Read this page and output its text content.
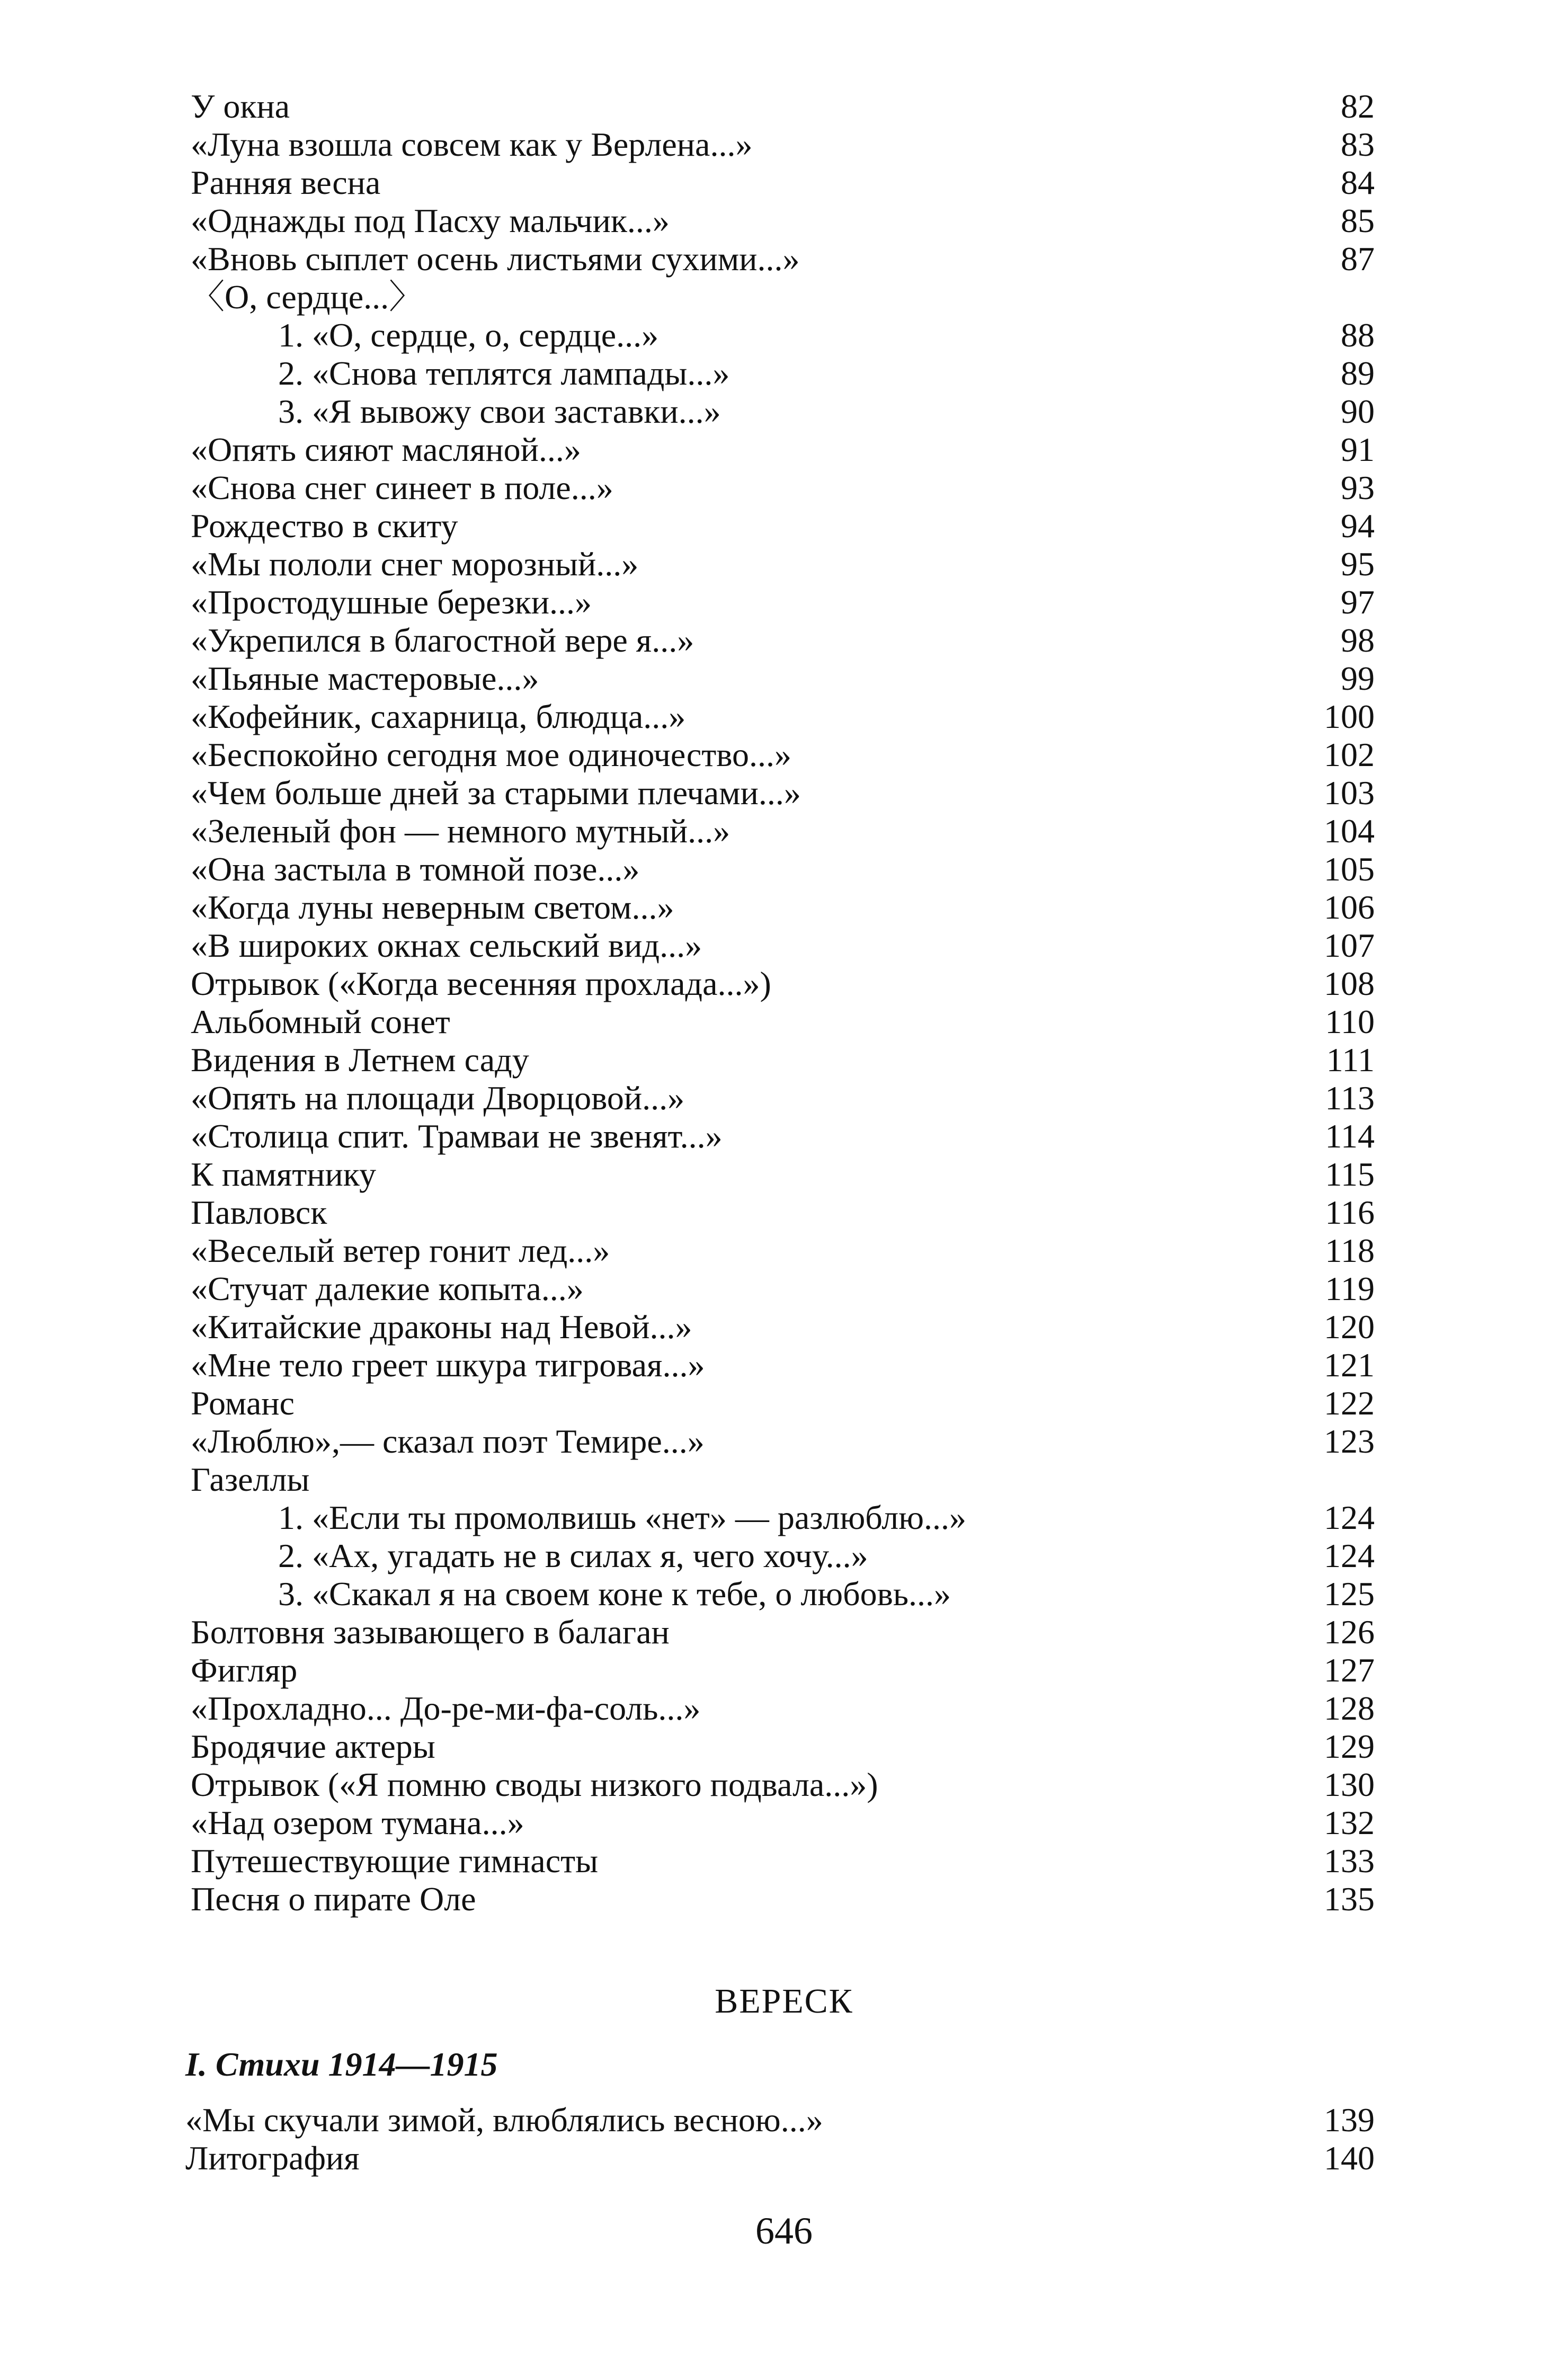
У окна	82
«Луна взошла совсем как у Верлена...»	83
Ранняя весна	84
«Однажды под Пасху мальчик...»	85
«Вновь сыплет осень листьями сухими...»	87
〈О, сердце...〉
1. «О, сердце, о, сердце...»	88
2. «Снова теплятся лампады...»	89
3. «Я вывожу свои заставки...»	90
«Опять сияют масляной...»	91
«Снова снег синеет в поле...»	93
Рождество в скиту	94
«Мы пололи снег морозный...»	95
«Простодушные березки...»	97
«Укрепился в благостной вере я...»	98
«Пьяные мастеровые...»	99
«Кофейник, сахарница, блюдца...»	100
«Беспокойно сегодня мое одиночество...»	102
«Чем больше дней за старыми плечами...»	103
«Зеленый фон — немного мутный...»	104
«Она застыла в томной позе...»	105
«Когда луны неверным светом...»	106
«В широких окнах сельский вид...»	107
Отрывок («Когда весенняя прохлада...»)	108
Альбомный сонет	110
Видения в Летнем саду	111
«Опять на площади Дворцовой...»	113
«Столица спит. Трамваи не звенят...»	114
К памятнику	115
Павловск	116
«Веселый ветер гонит лед...»	118
«Стучат далекие копыта...»	119
«Китайские драконы над Невой...»	120
«Мне тело греет шкура тигровая...»	121
Романс	122
«Люблю»,— сказал поэт Темире...»	123
Газеллы
1. «Если ты промолвишь «нет» — разлюблю...»	124
2. «Ах, угадать не в силах я, чего хочу...»	124
3. «Скакал я на своем коне к тебе, о любовь...»	125
Болтовня зазывающего в балаган	126
Фигляр	127
«Прохладно... До-ре-ми-фа-соль...»	128
Бродячие актеры	129
Отрывок («Я помню своды низкого подвала...»)	130
«Над озером тумана...»	132
Путешествующие гимнасты	133
Песня о пирате Оле	135
ВЕРЕСК
I. Стихи 1914—1915
«Мы скучали зимой, влюблялись весною...»	139
Литография	140
646
